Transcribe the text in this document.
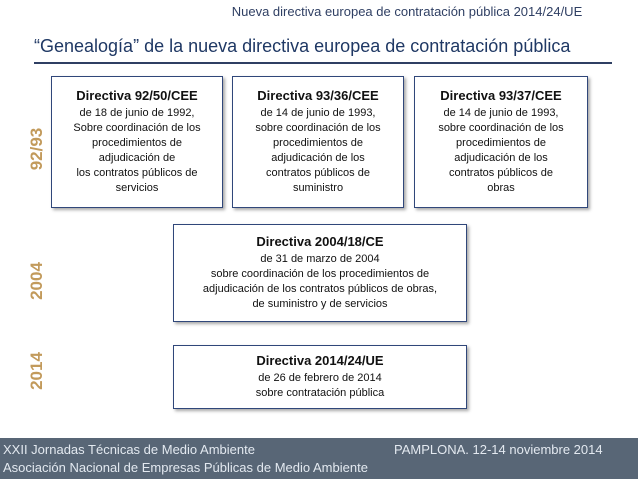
Nueva directiva europea de contratación pública 2014/24/UE
“Genealogía” de la nueva directiva europea de contratación pública
92/93
2004
2014
Directiva 92/50/CEE
de 18 de junio de 1992,
Sobre coordinación de los
procedimientos de
adjudicación de
los contratos públicos de
servicios
Directiva 93/36/CEE
de 14 de junio de 1993,
sobre coordinación de los
procedimientos de
adjudicación de los
contratos públicos de
suministro
Directiva 93/37/CEE
de 14 de junio de 1993,
sobre coordinación de los
procedimientos de
adjudicación de los
contratos públicos de
obras
Directiva 2004/18/CE
de 31 de marzo de 2004
sobre coordinación de los procedimientos de
adjudicación de los contratos públicos de obras,
de suministro y de servicios
Directiva 2014/24/UE
de 26 de febrero de 2014
sobre contratación pública
XXII Jornadas Técnicas de Medio Ambiente	PAMPLONA. 12-14 noviembre 2014
Asociación Nacional de Empresas Públicas de Medio Ambiente
